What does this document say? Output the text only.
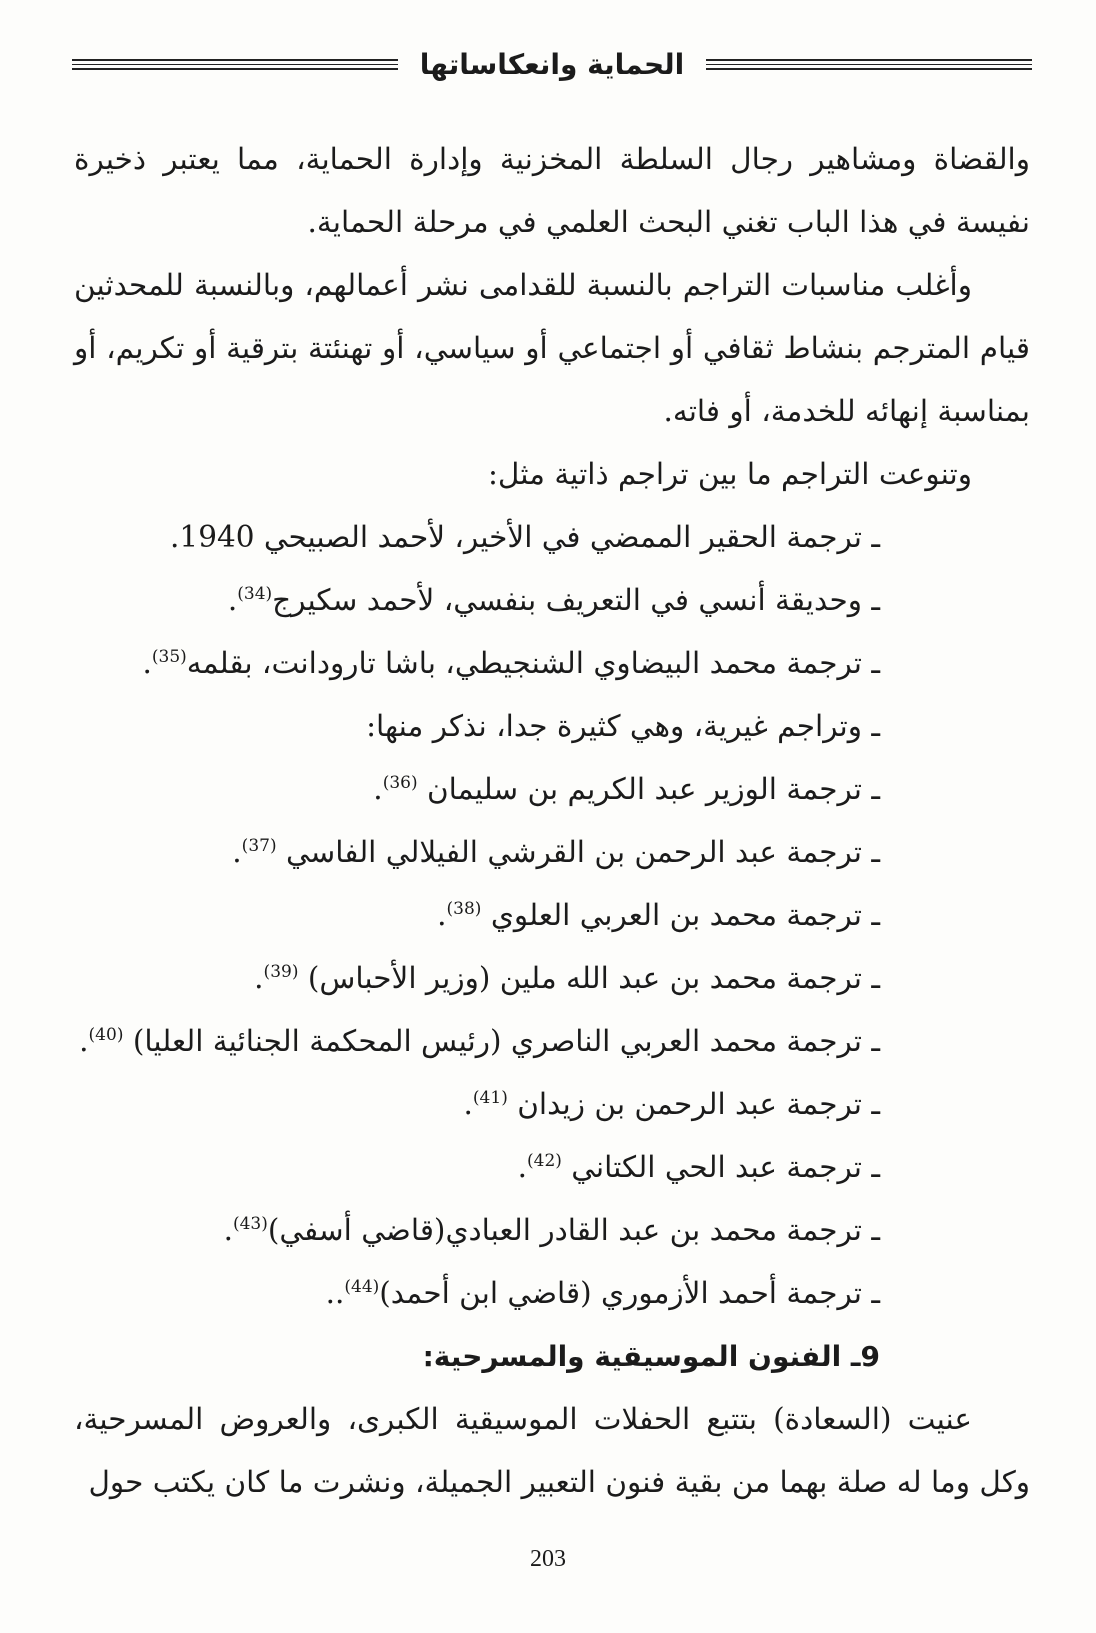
الحماية وانعكاساتها

والقضاة ومشاهير رجال السلطة المخزنية وإدارة الحماية، مما يعتبر ذخيرة نفيسة في هذا الباب تغني البحث العلمي في مرحلة الحماية.

وأغلب مناسبات التراجم بالنسبة للقدامى نشر أعمالهم، وبالنسبة للمحدثين قيام المترجم بنشاط ثقافي أو اجتماعي أو سياسي، أو تهنئتة بترقية أو تكريم، أو بمناسبة إنهائه للخدمة، أو فاته.

وتنوعت التراجم ما بين تراجم ذاتية مثل:

ـ ترجمة الحقير الممضي في الأخير، لأحمد الصبيحي 1940.

ـ وحديقة أنسي في التعريف بنفسي، لأحمد سكيرج$^{(34)}$.

ـ ترجمة محمد البيضاوي الشنجيطي، باشا تارودانت، بقلمه$^{(35)}$.

ـ وتراجم غيرية، وهي كثيرة جدا، نذكر منها:

ـ ترجمة الوزير عبد الكريم بن سليمان $^{(36)}$.

ـ ترجمة عبد الرحمن بن القرشي الفيلالي الفاسي $^{(37)}$.

ـ ترجمة محمد بن العربي العلوي $^{(38)}$.

ـ ترجمة محمد بن عبد الله ملين (وزير الأحباس) $^{(39)}$.

ـ ترجمة محمد العربي الناصري (رئيس المحكمة الجنائية العليا) $^{(40)}$.

ـ ترجمة عبد الرحمن بن زيدان $^{(41)}$.

ـ ترجمة عبد الحي الكتاني $^{(42)}$.

ـ ترجمة محمد بن عبد القادر العبادي(قاضي أسفي)$^{(43)}$.

ـ ترجمة أحمد الأزموري (قاضي ابن أحمد)$^{(44)}$..

9ـ الفنون الموسيقية والمسرحية:

عنيت (السعادة) بتتبع الحفلات الموسيقية الكبرى، والعروض المسرحية، وكل وما له صلة بهما من بقية فنون التعبير الجميلة، ونشرت ما كان يكتب حول

203
